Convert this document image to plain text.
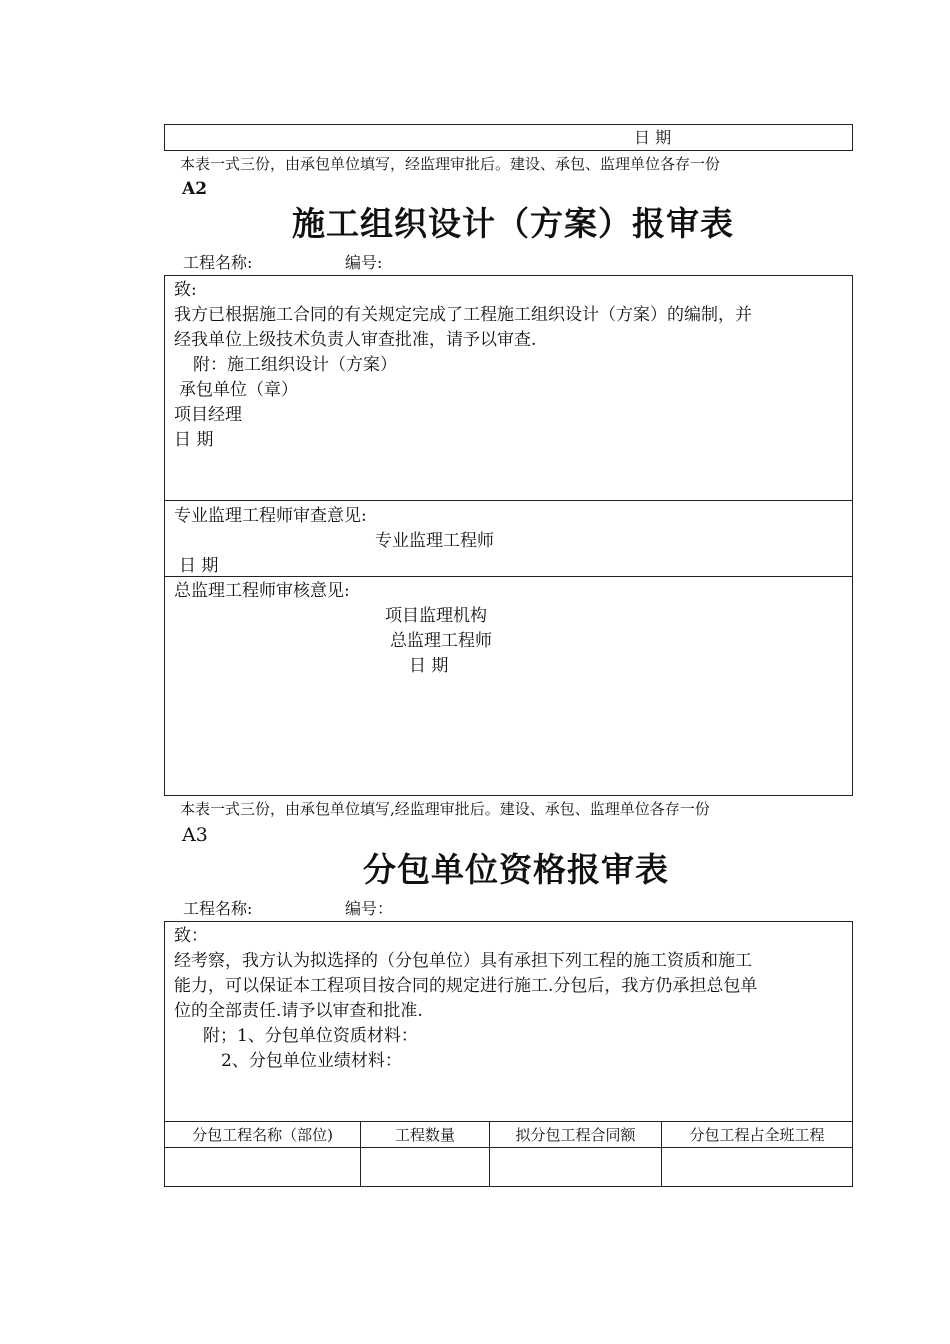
日 期
本表一式三份，由承包单位填写，经监理审批后。建设、承包、监理单位各存一份
A2
施工组织设计（方案）报审表
工程名称:	编号:
致:
我方已根据施工合同的有关规定完成了工程施工组织设计（方案）的编制，并
经我单位上级技术负责人审查批准，请予以审查.
附：施工组织设计（方案）
承包单位（章）
项目经理
日 期
专业监理工程师审查意见:
专业监理工程师
日 期
总监理工程师审核意见:
项目监理机构
总监理工程师
日 期
本表一式三份，由承包单位填写,经监理审批后。建设、承包、监理单位各存一份
A3
分包单位资格报审表
工程名称:	编号：
致：
经考察，我方认为拟选择的（分包单位）具有承担下列工程的施工资质和施工
能力，可以保证本工程项目按合同的规定进行施工.分包后，我方仍承担总包单
位的全部责任.请予以审查和批准.
附；1、分包单位资质材料：
2、分包单位业绩材料：
分包工程名称（部位)	工程数量	拟分包工程合同额	分包工程占全班工程
